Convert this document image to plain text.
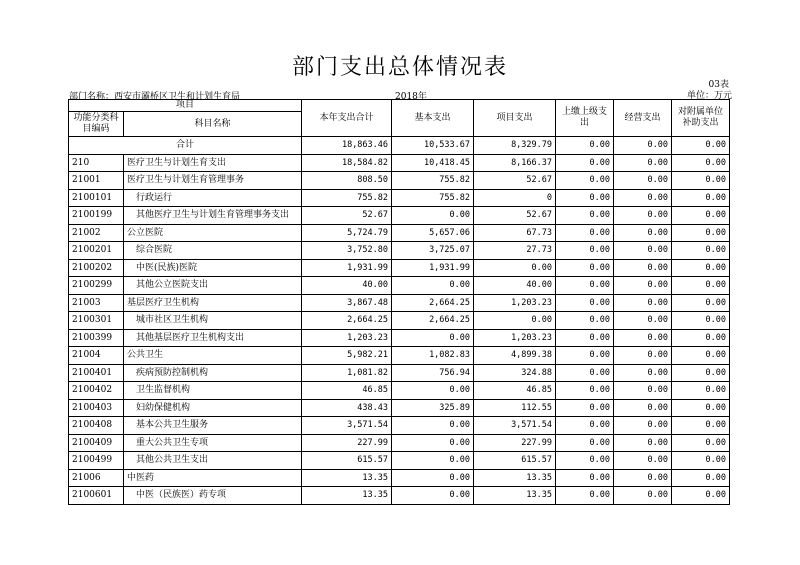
部门支出总体情况表
03表
单位：万元
部门名称：西安市灞桥区卫生和计划生育局	2018年
项目		本年支出合计	基本支出	项目支出	上缴上级支出	经营支出	对附属单位补助支出
功能分类科目编码	科目名称						
合计		18,863.46	10,533.67	8,329.79	0.00	0.00	0.00
210	医疗卫生与计划生育支出	18,584.82	10,418.45	8,166.37	0.00	0.00	0.00
21001	医疗卫生与计划生育管理事务	808.50	755.82	52.67	0.00	0.00	0.00
2100101	行政运行	755.82	755.82	0	0.00	0.00	0.00
2100199	其他医疗卫生与计划生育管理事务支出	52.67	0.00	52.67	0.00	0.00	0.00
21002	公立医院	5,724.79	5,657.06	67.73	0.00	0.00	0.00
2100201	综合医院	3,752.80	3,725.07	27.73	0.00	0.00	0.00
2100202	中医(民族)医院	1,931.99	1,931.99	0.00	0.00	0.00	0.00
2100299	其他公立医院支出	40.00	0.00	40.00	0.00	0.00	0.00
21003	基层医疗卫生机构	3,867.48	2,664.25	1,203.23	0.00	0.00	0.00
2100301	城市社区卫生机构	2,664.25	2,664.25	0.00	0.00	0.00	0.00
2100399	其他基层医疗卫生机构支出	1,203.23	0.00	1,203.23	0.00	0.00	0.00
21004	公共卫生	5,982.21	1,082.83	4,899.38	0.00	0.00	0.00
2100401	疾病预防控制机构	1,081.82	756.94	324.88	0.00	0.00	0.00
2100402	卫生监督机构	46.85	0.00	46.85	0.00	0.00	0.00
2100403	妇幼保健机构	438.43	325.89	112.55	0.00	0.00	0.00
2100408	基本公共卫生服务	3,571.54	0.00	3,571.54	0.00	0.00	0.00
2100409	重大公共卫生专项	227.99	0.00	227.99	0.00	0.00	0.00
2100499	其他公共卫生支出	615.57	0.00	615.57	0.00	0.00	0.00
21006	中医药	13.35	0.00	13.35	0.00	0.00	0.00
2100601	中医（民族医）药专项	13.35	0.00	13.35	0.00	0.00	0.00
